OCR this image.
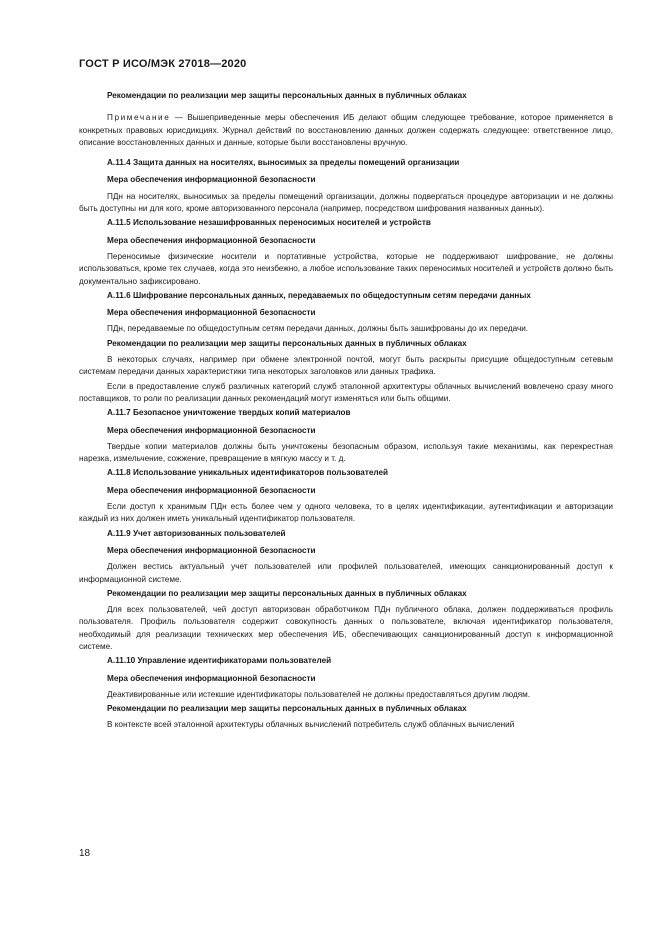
ГОСТ Р ИСО/МЭК 27018—2020

Рекомендации по реализации мер защиты персональных данных в публичных облаках

Примечание — Вышеприведенные меры обеспечения ИБ делают общим следующее требование, которое применяется в конкретных правовых юрисдикциях. Журнал действий по восстановлению данных должен содержать следующее: ответственное лицо, описание восстановленных данных и данные, которые были восстановлены вручную.

А.11.4 Защита данных на носителях, выносимых за пределы помещений организации

Мера обеспечения информационной безопасности

ПДн на носителях, выносимых за пределы помещений организации, должны подвергаться процедуре авторизации и не должны быть доступны ни для кого, кроме авторизованного персонала (например, посредством шифрования названных данных).

А.11.5 Использование незашифрованных переносимых носителей и устройств

Мера обеспечения информационной безопасности

Переносимые физические носители и портативные устройства, которые не поддерживают шифрование, не должны использоваться, кроме тех случаев, когда это неизбежно, а любое использование таких переносимых носителей и устройств должно быть документально зафиксировано.

А.11.6 Шифрование персональных данных, передаваемых по общедоступным сетям передачи данных

Мера обеспечения информационной безопасности

ПДн, передаваемые по общедоступным сетям передачи данных, должны быть зашифрованы до их передачи.

Рекомендации по реализации мер защиты персональных данных в публичных облаках

В некоторых случаях, например при обмене электронной почтой, могут быть раскрыты присущие общедоступным сетевым системам передачи данных характеристики типа некоторых заголовков или данных трафика.

Если в предоставление служб различных категорий служб эталонной архитектуры облачных вычислений вовлечено сразу много поставщиков, то роли по реализации данных рекомендаций могут изменяться или быть общими.

А.11.7 Безопасное уничтожение твердых копий материалов

Мера обеспечения информационной безопасности

Твердые копии материалов должны быть уничтожены безопасным образом, используя такие механизмы, как перекрестная нарезка, измельчение, сожжение, превращение в мягкую массу и т. д.

А.11.8 Использование уникальных идентификаторов пользователей

Мера обеспечения информационной безопасности

Если доступ к хранимым ПДн есть более чем у одного человека, то в целях идентификации, аутентификации и авторизации каждый из них должен иметь уникальный идентификатор пользователя.

А.11.9 Учет авторизованных пользователей

Мера обеспечения информационной безопасности

Должен вестись актуальный учет пользователей или профилей пользователей, имеющих санкционированный доступ к информационной системе.

Рекомендации по реализации мер защиты персональных данных в публичных облаках

Для всех пользователей, чей доступ авторизован обработчиком ПДн публичного облака, должен поддерживаться профиль пользователя. Профиль пользователя содержит совокупность данных о пользователе, включая идентификатор пользователя, необходимый для реализации технических мер обеспечения ИБ, обеспечивающих санкционированный доступ к информационной системе.

А.11.10 Управление идентификаторами пользователей

Мера обеспечения информационной безопасности

Деактивированные или истекшие идентификаторы пользователей не должны предоставляться другим людям.

Рекомендации по реализации мер защиты персональных данных в публичных облаках

В контексте всей эталонной архитектуры облачных вычислений потребитель служб облачных вычислений

18
